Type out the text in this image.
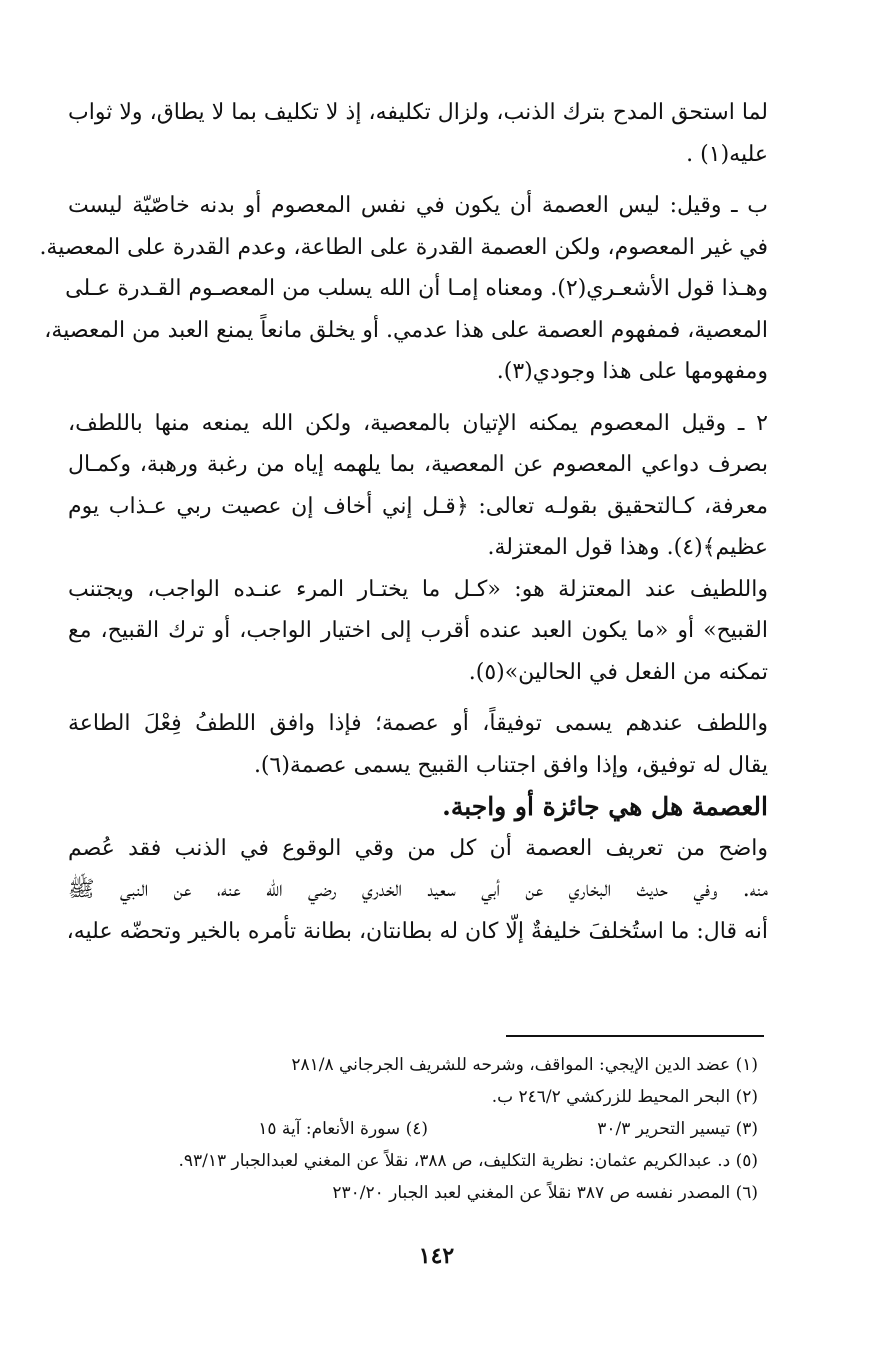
لما استحق المدح بترك الذنب، ولزال تكليفه، إذ لا تكليف بما لا يطاق، ولا ثواب
عليه(١) .
ب ـ وقيل: ليس العصمة أن يكون في نفس المعصوم أو بدنه خاصّيّة ليست
في غير المعصوم، ولكن العصمة القدرة على الطاعة، وعدم القدرة على المعصية.
وهـذا قول الأشعـري(٢). ومعناه إمـا أن الله يسلب من المعصـوم القـدرة عـلى
المعصية، فمفهوم العصمة على هذا عدمي. أو يخلق مانعاً يمنع العبد من المعصية،
ومفهومها على هذا وجودي(٣).
٢ ـ وقيل المعصوم يمكنه الإتيان بالمعصية، ولكن الله يمنعه منها باللطف،
بصرف دواعي المعصوم عن المعصية، بما يلهمه إياه من رغبة ورهبة، وكمـال
معرفة، كـالتحقيق بقولـه تعالى: ﴿قـل إني أخاف إن عصيت ربي عـذاب يوم
عظيم﴾(٤). وهذا قول المعتزلة.
واللطيف عند المعتزلة هو: «كـل ما يختـار المرء عنـده الواجب، ويجتنب
القبيح» أو «ما يكون العبد عنده أقرب إلى اختيار الواجب، أو ترك القبيح، مع
تمكنه من الفعل في الحالين»(٥).
واللطف عندهم يسمى توفيقاً، أو عصمة؛ فإذا وافق اللطفُ فِعْلَ الطاعة
يقال له توفيق، وإذا وافق اجتناب القبيح يسمى عصمة(٦).
العصمة هل هي جائزة أو واجبة.
واضح من تعريف العصمة أن كل من وقي الوقوع في الذنب فقد عُصم
منه. وفي حديث البخاري عن أبي سعيد الخدري رضي الله عنه، عن النبي ﷺ
أنه قال: ما استُخلفَ خليفةٌ إلّا كان له بطانتان، بطانة تأمره بالخير وتحضّه عليه،
(١) عضد الدين الإيجي: المواقف، وشرحه للشريف الجرجاني ٢٨١/٨
(٢) البحر المحيط للزركشي ٢٤٦/٢ ب.
(٣) تيسير التحرير ٣٠/٣
(٤) سورة الأنعام: آية ١٥
(٥) د. عبدالكريم عثمان: نظرية التكليف، ص ٣٨٨، نقلاً عن المغني لعبدالجبار ٩٣/١٣.
(٦) المصدر نفسه ص ٣٨٧ نقلاً عن المغني لعبد الجبار ٢٣٠/٢٠
١٤٢
